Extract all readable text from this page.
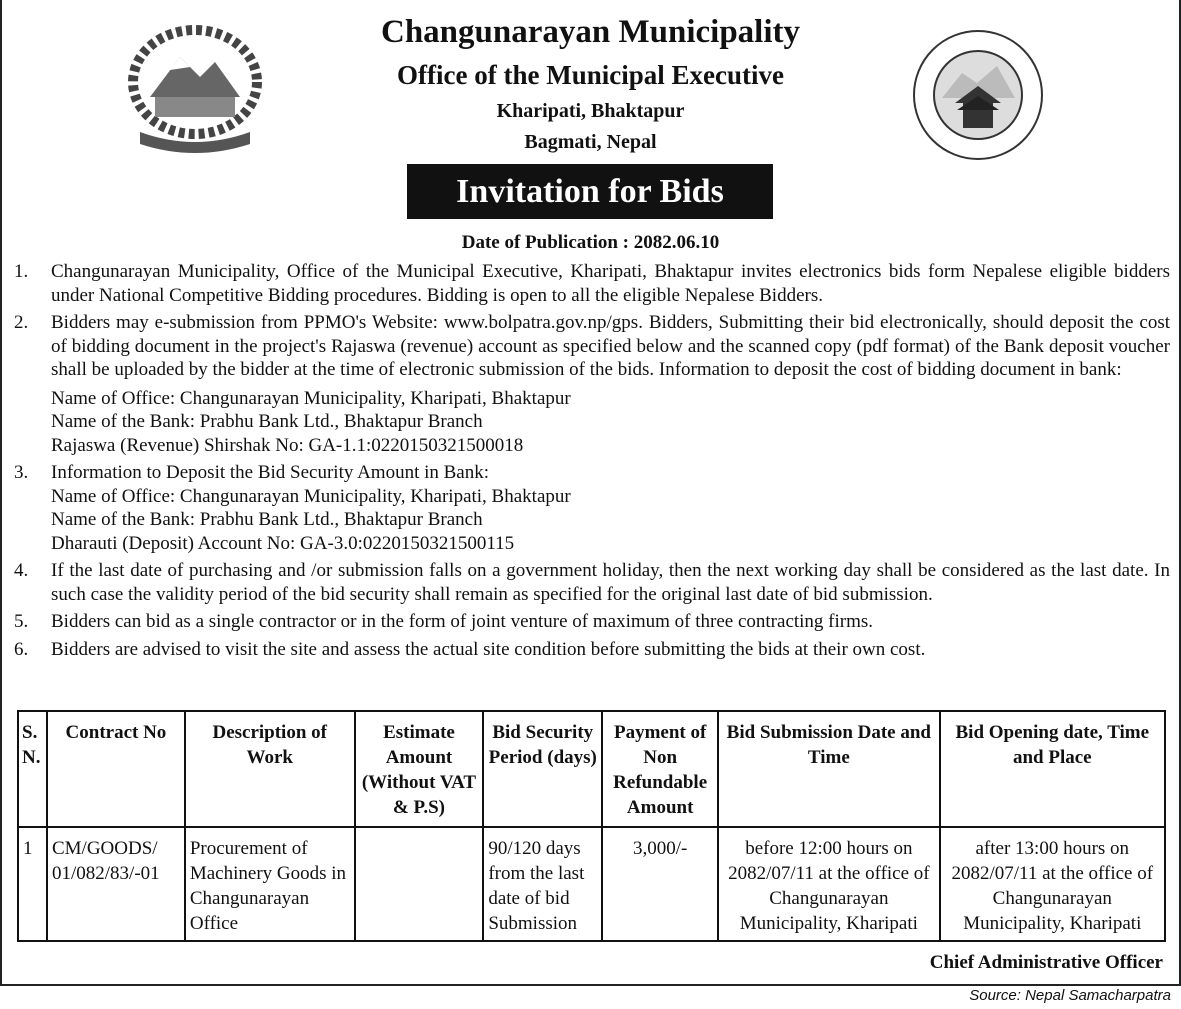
Changunarayan Municipality
Office of the Municipal Executive
Kharipati, Bhaktapur
Bagmati, Nepal
Invitation for Bids
Date of Publication : 2082.06.10
1.	Changunarayan Municipality, Office of the Municipal Executive, Kharipati, Bhaktapur invites electronics bids form Nepalese eligible bidders under National Competitive Bidding procedures. Bidding is open to all the eligible Nepalese Bidders.
2.	Bidders may e-submission from PPMO's Website: www.bolpatra.gov.np/gps. Bidders, Submitting their bid electronically, should deposit the cost of bidding document in the project's Rajaswa (revenue) account as specified below and the scanned copy (pdf format) of the Bank deposit voucher shall be uploaded by the bidder at the time of electronic submission of the bids. Information to deposit the cost of bidding document in bank:
Name of Office: Changunarayan Municipality, Kharipati, Bhaktapur
Name of the Bank: Prabhu Bank Ltd., Bhaktapur Branch
Rajaswa (Revenue) Shirshak No: GA-1.1:0220150321500018
3.	Information to Deposit the Bid Security Amount in Bank:
Name of Office: Changunarayan Municipality, Kharipati, Bhaktapur
Name of the Bank: Prabhu Bank Ltd., Bhaktapur Branch
Dharauti (Deposit) Account No: GA-3.0:0220150321500115
4.	If the last date of purchasing and /or submission falls on a government holiday, then the next working day shall be considered as the last date. In such case the validity period of the bid security shall remain as specified for the original last date of bid submission.
5.	Bidders can bid as a single contractor or in the form of joint venture of maximum of three contracting firms.
6.	Bidders are advised to visit the site and assess the actual site condition before submitting the bids at their own cost.
S. N.	Contract No	Description of Work	Estimate Amount (Without VAT & P.S)	Bid Security Period (days)	Payment of Non Refundable Amount	Bid Submission Date and Time	Bid Opening date, Time and Place
1	CM/GOODS/ 01/082/83/-01	Procurement of Machinery Goods in Changunarayan Office		90/120 days from the last date of bid Submission	3,000/-	before 12:00 hours on 2082/07/11 at the office of Changunarayan Municipality, Kharipati	after 13:00 hours on 2082/07/11 at the office of Changunarayan Municipality, Kharipati
Chief Administrative Officer
Source: Nepal Samacharpatra
